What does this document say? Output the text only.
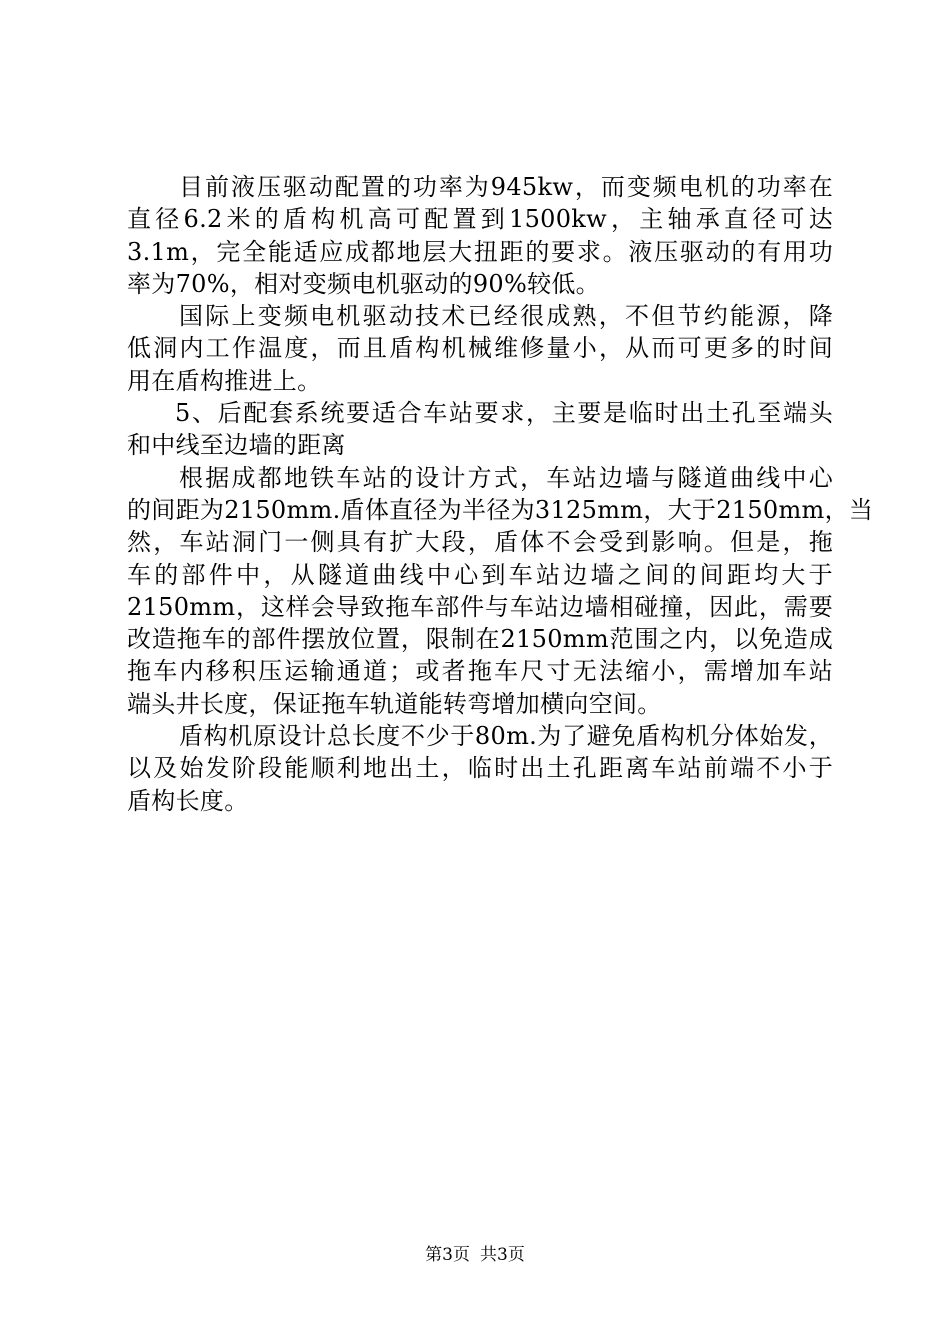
目前液压驱动配置的功率为945kw，而变频电机的功率在
直径6.2米的盾构机高可配置到1500kw，主轴承直径可达
3.1m，完全能适应成都地层大扭距的要求。液压驱动的有用功
率为70%，相对变频电机驱动的90%较低。
国际上变频电机驱动技术已经很成熟，不但节约能源，降
低洞内工作温度，而且盾构机械维修量小，从而可更多的时间
用在盾构推进上。
5、后配套系统要适合车站要求，主要是临时出土孔至端头
和中线至边墙的距离
根据成都地铁车站的设计方式，车站边墙与隧道曲线中心
的间距为2150mm.盾体直径为半径为3125mm，大于2150mm，当
然，车站洞门一侧具有扩大段，盾体不会受到影响。但是，拖
车的部件中，从隧道曲线中心到车站边墙之间的间距均大于
2150mm，这样会导致拖车部件与车站边墙相碰撞，因此，需要
改造拖车的部件摆放位置，限制在2150mm范围之内，以免造成
拖车内移积压运输通道；或者拖车尺寸无法缩小，需增加车站
端头井长度，保证拖车轨道能转弯增加横向空间。
盾构机原设计总长度不少于80m.为了避免盾构机分体始发，
以及始发阶段能顺利地出土，临时出土孔距离车站前端不小于
盾构长度。
第3页 共3页
